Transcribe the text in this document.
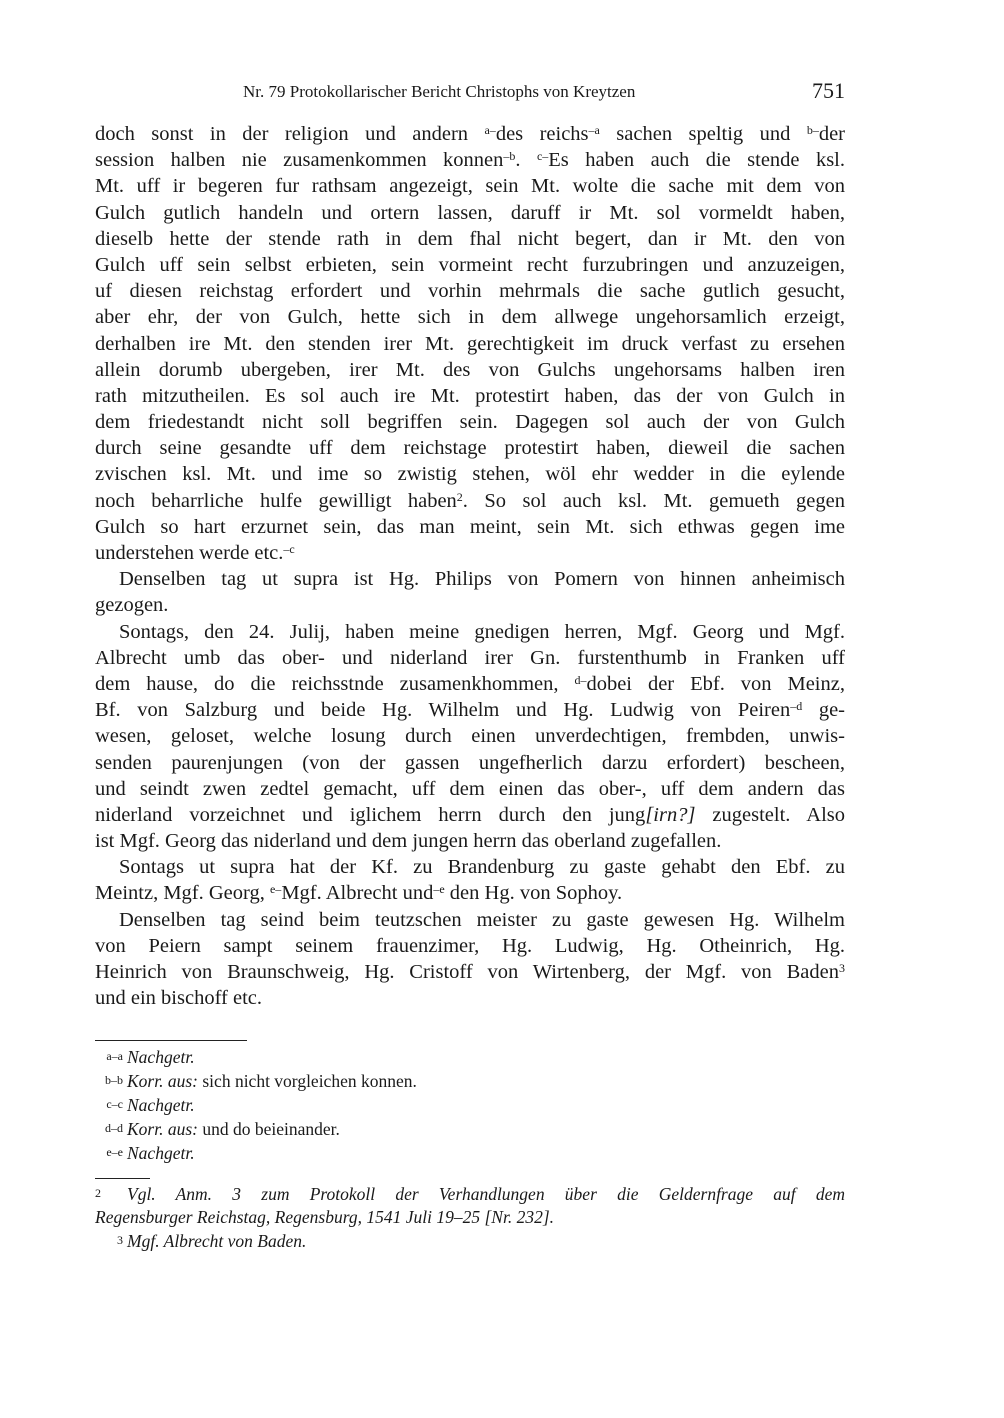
Nr. 79 Protokollarischer Bericht Christophs von Kreytzen	751
doch sonst in der religion und andern $^{a-}$des reichs$^{-a}$ sachen speltig und $^{b-}$der
session halben nie zusamenkommen konnen$^{-b}$. $^{c-}$Es haben auch die stende ksl.
Mt. uff ir begeren fur rathsam angezeigt, sein Mt. wolte die sache mit dem von
Gulch gutlich handeln und ortern lassen, daruff ir Mt. sol vormeldt haben,
dieselb hette der stende rath in dem fhal nicht begert, dan ir Mt. den von
Gulch uff sein selbst erbieten, sein vormeint recht furzubringen und anzuzeigen,
uf diesen reichstag erfordert und vorhin mehrmals die sache gutlich gesucht,
aber ehr, der von Gulch, hette sich in dem allwege ungehorsamlich erzeigt,
derhalben ire Mt. den stenden irer Mt. gerechtigkeit im druck verfast zu ersehen
allein dorumb ubergeben, irer Mt. des von Gulchs ungehorsams halben iren
rath mitzutheilen. Es sol auch ire Mt. protestirt haben, das der von Gulch in
dem friedestandt nicht soll begriffen sein. Dagegen sol auch der von Gulch
durch seine gesandte uff dem reichstage protestirt haben, dieweil die sachen
zvischen ksl. Mt. und ime so zwistig stehen, wöl ehr wedder in die eylende
noch beharrliche hulfe gewilligt haben$^2$. So sol auch ksl. Mt. gemueth gegen
Gulch so hart erzurnet sein, das man meint, sein Mt. sich ethwas gegen ime
understehen werde etc.$^{-c}$
Denselben tag ut supra ist Hg. Philips von Pomern von hinnen anheimisch
gezogen.
Sontags, den 24. Julij, haben meine gnedigen herren, Mgf. Georg und Mgf.
Albrecht umb das ober- und niderland irer Gn. furstenthumb in Franken uff
dem hause, do die reichsstnde zusamenkhommen, $^{d-}$dobei der Ebf. von Meinz,
Bf. von Salzburg und beide Hg. Wilhelm und Hg. Ludwig von Peiren$^{-d}$ ge-
wesen, geloset, welche losung durch einen unverdechtigen, frembden, unwis-
senden paurenjungen (von der gassen ungefherlich darzu erfordert) bescheen,
und seindt zwen zedtel gemacht, uff dem einen das ober-, uff dem andern das
niderland vorzeichnet und iglichem herrn durch den jung[irn?] zugestelt. Also
ist Mgf. Georg das niderland und dem jungen herrn das oberland zugefallen.
Sontags ut supra hat der Kf. zu Brandenburg zu gaste gehabt den Ebf. zu
Meintz, Mgf. Georg, $^{e-}$Mgf. Albrecht und$^{-e}$ den Hg. von Sophoy.
Denselben tag seind beim teutzschen meister zu gaste gewesen Hg. Wilhelm
von Peiern sampt seinem frauenzimer, Hg. Ludwig, Hg. Otheinrich, Hg.
Heinrich von Braunschweig, Hg. Cristoff von Wirtenberg, der Mgf. von Baden$^3$
und ein bischoff etc.
a–a Nachgetr.
b–b Korr. aus: sich nicht vorgleichen konnen.
c–c Nachgetr.
d–d Korr. aus: und do beieinander.
e–e Nachgetr.
2 Vgl. Anm. 3 zum Protokoll der Verhandlungen über die Geldernfrage auf dem
Regensburger Reichstag, Regensburg, 1541 Juli 19–25 [Nr. 232].
3 Mgf. Albrecht von Baden.
